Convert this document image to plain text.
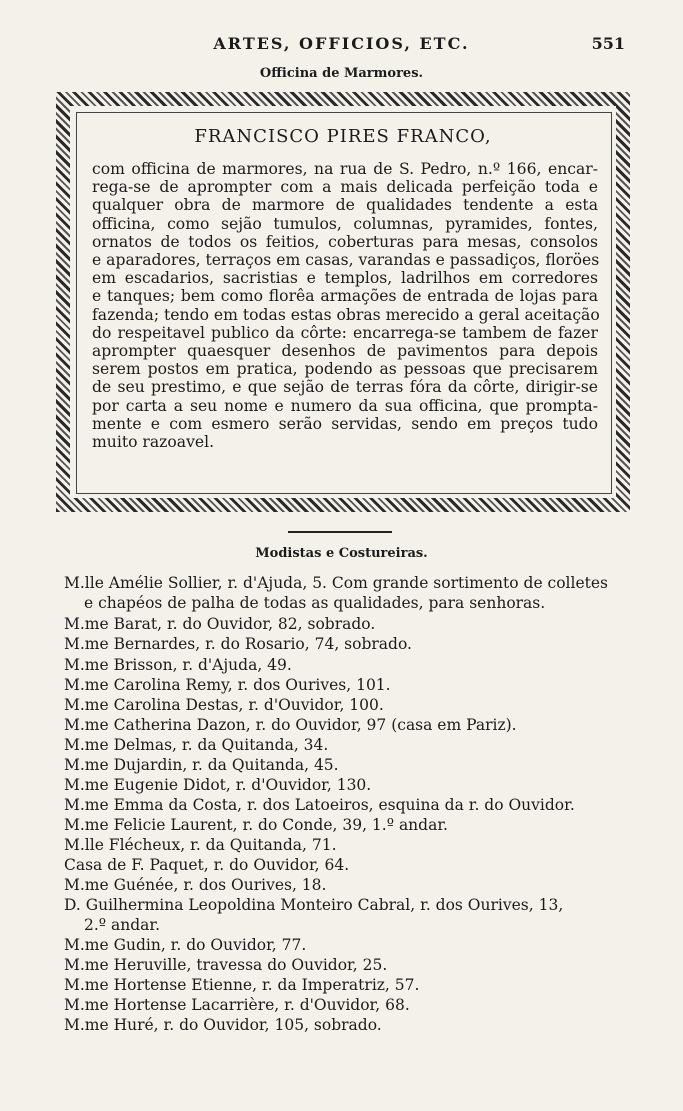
ARTES, OFFICIOS, ETC.	551
Officina de Marmores.
FRANCISCO PIRES FRANCO,
com officina de marmores, na rua de S. Pedro, n.º 166, encar-
rega-se de aprompter com a mais delicada perfeição toda e
qualquer obra de marmore de qualidades tendente a esta
officina, como sejão tumulos, columnas, pyramides, fontes,
ornatos de todos os feitios, coberturas para mesas, consolos
e aparadores, terraços em casas, varandas e passadiços, floröes
em escadarios, sacristias e templos, ladrilhos em corredores
e tanques; bem como florêa armações de entrada de lojas para
fazenda; tendo em todas estas obras merecido a geral aceitação
do respeitavel publico da côrte: encarrega-se tambem de fazer
aprompter quaesquer desenhos de pavimentos para depois
serem postos em pratica, podendo as pessoas que precisarem
de seu prestimo, e que sejão de terras fóra da côrte, dirigir-se
por carta a seu nome e numero da sua officina, que prompta-
mente e com esmero serão servidas, sendo em preços tudo
muito razoavel.
Modistas e Costureiras.
M.lle Amélie Sollier, r. d'Ajuda, 5. Com grande sortimento de colletes
e chapéos de palha de todas as qualidades, para senhoras.
M.me Barat, r. do Ouvidor, 82, sobrado.
M.me Bernardes, r. do Rosario, 74, sobrado.
M.me Brisson, r. d'Ajuda, 49.
M.me Carolina Remy, r. dos Ourives, 101.
M.me Carolina Destas, r. d'Ouvidor, 100.
M.me Catherina Dazon, r. do Ouvidor, 97 (casa em Pariz).
M.me Delmas, r. da Quitanda, 34.
M.me Dujardin, r. da Quitanda, 45.
M.me Eugenie Didot, r. d'Ouvidor, 130.
M.me Emma da Costa, r. dos Latoeiros, esquina da r. do Ouvidor.
M.me Felicie Laurent, r. do Conde, 39, 1.º andar.
M.lle Flécheux, r. da Quitanda, 71.
Casa de F. Paquet, r. do Ouvidor, 64.
M.me Guénée, r. dos Ourives, 18.
D. Guilhermina Leopoldina Monteiro Cabral, r. dos Ourives, 13,
2.º andar.
M.me Gudin, r. do Ouvidor, 77.
M.me Heruville, travessa do Ouvidor, 25.
M.me Hortense Etienne, r. da Imperatriz, 57.
M.me Hortense Lacarrière, r. d'Ouvidor, 68.
M.me Huré, r. do Ouvidor, 105, sobrado.
